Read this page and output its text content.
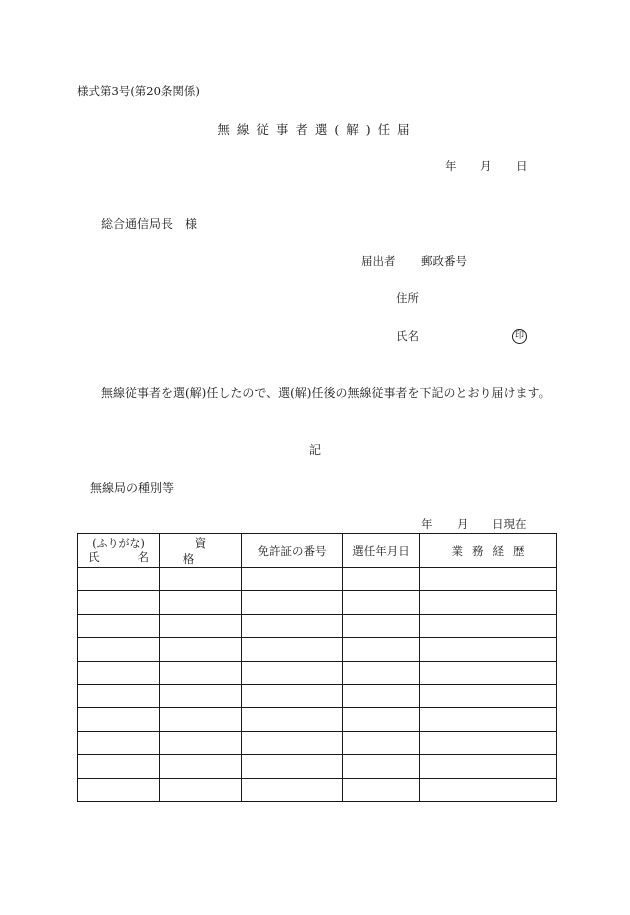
様式第3号(第20条関係)
無線従事者選(解)任届
年 月 日
総合通信局長　様
届出者 郵政番号
住所
氏名	印
無線従事者を選(解)任したので、選(解)任後の無線従事者を下記のとおり届けます。
記
無線局の種別等
年 月 日現在
(ふりがな)
氏 名	資格	免許証の番号	選任年月日	業務経歴
